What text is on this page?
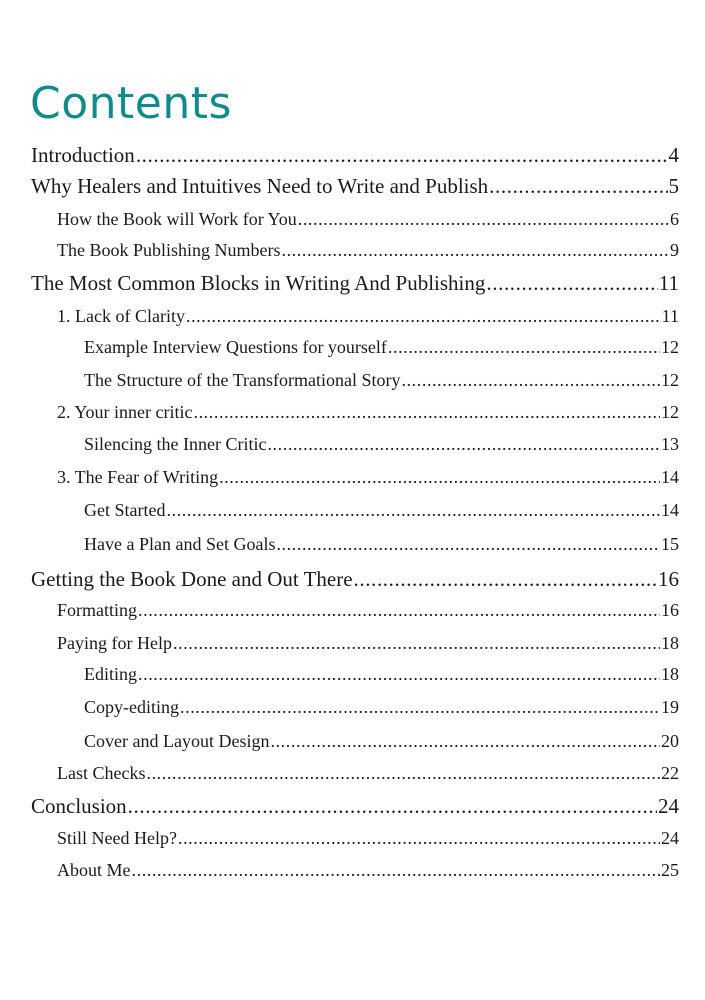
Contents
Introduction .....	4
Why Healers and Intuitives Need to Write and Publish .....	5
How the Book will Work for You .....	6
The Book Publishing Numbers .....	9
The Most Common Blocks in Writing And Publishing .....	11
1. Lack of Clarity .....	11
Example Interview Questions for yourself .....	12
The Structure of the Transformational Story .....	12
2. Your inner critic .....	12
Silencing the Inner Critic .....	13
3. The Fear of Writing .....	14
Get Started .....	14
Have a Plan and Set Goals .....	15
Getting the Book Done and Out There .....	16
Formatting .....	16
Paying for Help .....	18
Editing .....	18
Copy-editing .....	19
Cover and Layout Design .....	20
Last Checks .....	22
Conclusion .....	24
Still Need Help? .....	24
About Me .....	25
